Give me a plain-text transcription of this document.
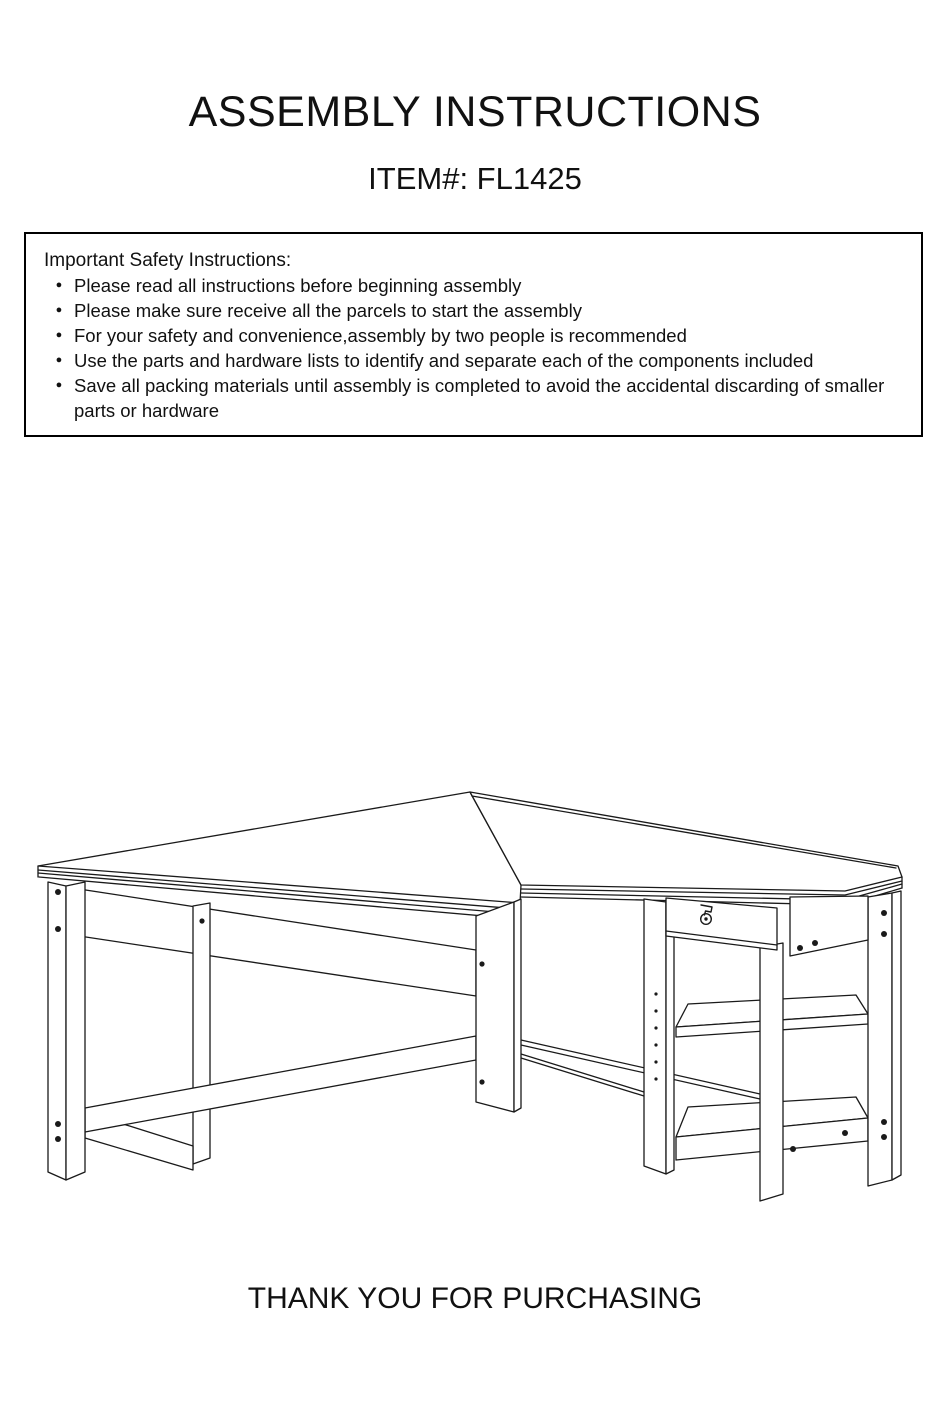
ASSEMBLY INSTRUCTIONS
ITEM#: FL1425
Important Safety Instructions:
● Please read all instructions before beginning assembly
● Please make sure receive all the parcels to start the assembly
● For your safety and convenience,assembly by two people is recommended
● Use the parts and hardware lists to identify and separate each of the components included
● Save all packing materials until assembly is completed to avoid the accidental discarding of smaller parts or hardware
THANK YOU FOR PURCHASING
